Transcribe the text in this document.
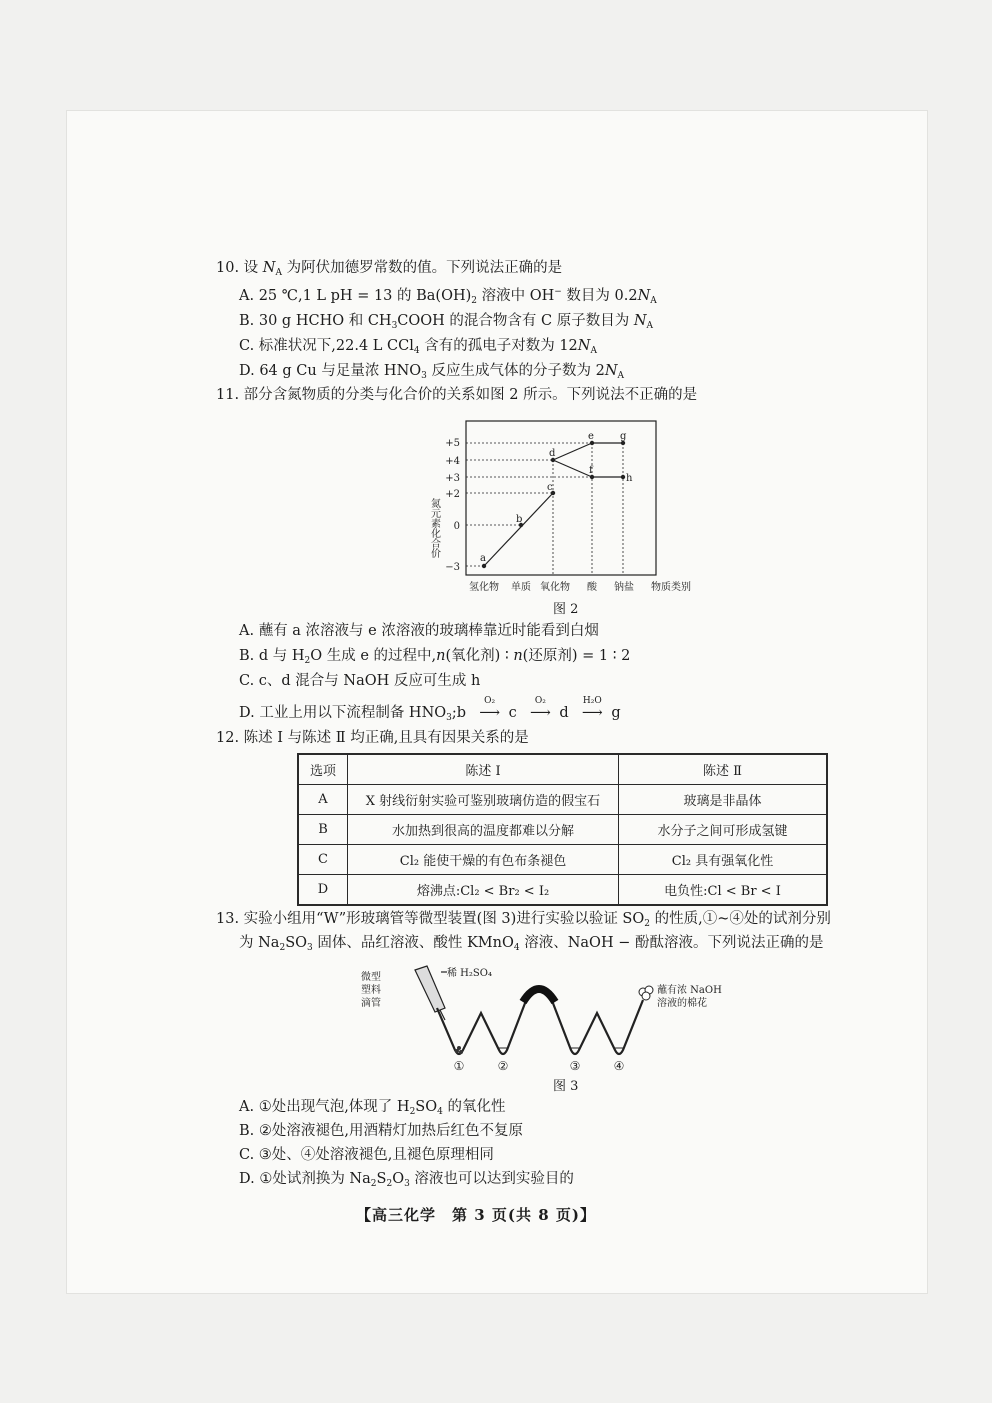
10. 设 $N_A$ 为阿伏加德罗常数的值。下列说法正确的是
A. 25 ℃,1 L pH = 13 的 $Ba(OH)_2$ 溶液中 OH− 数目为 $0.2N_A$
B. 30 g HCHO 和 $CH_3COOH$ 的混合物含有 C 原子数目为 $N_A$
C. 标准状况下,22.4 L CCl$_4$ 含有的孤电子对数为 $12N_A$
D. 64 g Cu 与足量浓 $HNO_3$ 反应生成气体的分子数为 $2N_A$
11. 部分含氮物质的分类与化合价的关系如图 2 所示。下列说法不正确的是
氮元素化合价
+5
+4
+3
+2
0
−3
a
b
c
d
e
f
g
h
氢化物 单质 氧化物 酸 钠盐 物质类别
图 2
A. 蘸有 a 浓溶液与 e 浓溶液的玻璃棒靠近时能看到白烟
B. d 与 $H_2O$ 生成 e 的过程中,n(氧化剂) ∶ n(还原剂) = 1 ∶ 2
C. c、d 混合与 NaOH 反应可生成 h
D. 工业上用以下流程制备 $HNO_3;b$
O₂
⟶ c
O₂
⟶ d
H₂O
⟶ g
12. 陈述 Ⅰ 与陈述 Ⅱ 均正确,且具有因果关系的是
选项	陈述 Ⅰ	陈述 Ⅱ
A	X 射线衍射实验可鉴别玻璃仿造的假宝石	玻璃是非晶体
B	水加热到很高的温度都难以分解	水分子之间可形成氢键
C	Cl₂ 能使干燥的有色布条褪色	Cl₂ 具有强氧化性
D	熔沸点:Cl₂ < Br₂ < I₂	电负性:Cl < Br < I
13. 实验小组用“W”形玻璃管等微型装置(图 3)进行实验以验证 $SO_2$ 的性质,①~④处的试剂分别
为 $Na_2SO_3$ 固体、品红溶液、酸性 KMnO$_4$ 溶液、NaOH − 酚酞溶液。下列说法正确的是
微型
塑料
滴管
稀 H₂SO₄
蘸有浓 NaOH
溶液的棉花
①	②	③	④
图 3
A. ①处出现气泡,体现了 $H_2SO_4$ 的氧化性
B. ②处溶液褪色,用酒精灯加热后红色不复原
C. ③处、④处溶液褪色,且褪色原理相同
D. ①处试剂换为 $Na_2S_2O_3$ 溶液也可以达到实验目的
【高三化学　第 3 页(共 8 页)】
